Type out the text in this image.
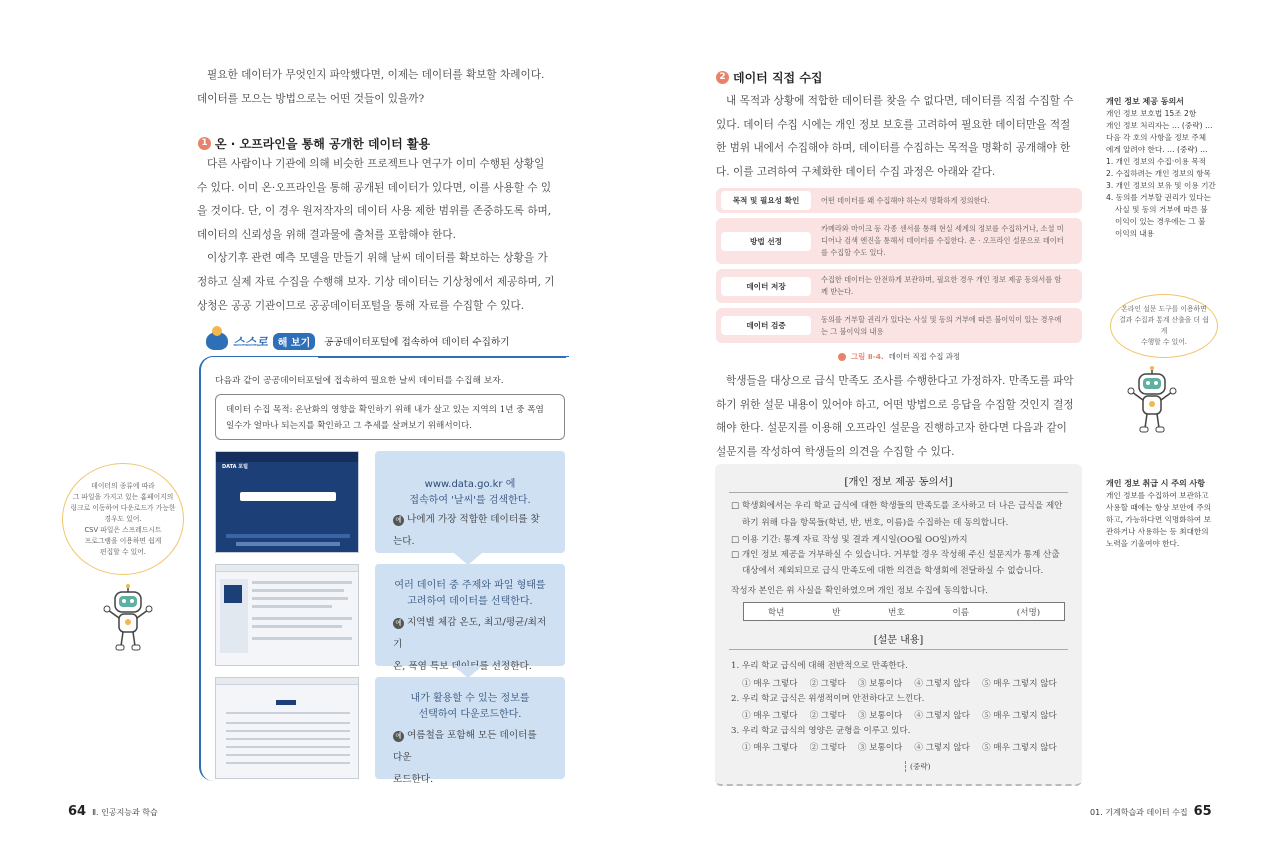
필요한 데이터가 무엇인지 파악했다면, 이제는 데이터를 확보할 차례이다.
데이터를 모으는 방법으로는 어떤 것들이 있을까?
1 온 · 오프라인을 통해 공개한 데이터 활용
다른 사람이나 기관에 의해 비슷한 프로젝트나 연구가 이미 수행된 상황일
수 있다. 이미 온·오프라인을 통해 공개된 데이터가 있다면, 이를 사용할 수 있
을 것이다. 단, 이 경우 원저작자의 데이터 사용 제한 범위를 존중하도록 하며,
데이터의 신뢰성을 위해 결과물에 출처를 포함해야 한다.
이상기후 관련 예측 모델을 만들기 위해 날씨 데이터를 확보하는 상황을 가
정하고 실제 자료 수집을 수행해 보자. 기상 데이터는 기상청에서 제공하며, 기
상청은 공공 기관이므로 공공데이터포털을 통해 자료를 수집할 수 있다.
스스로	해 보기	공공데이터포털에 접속하여 데이터 수집하기
다음과 같이 공공데이터포털에 접속하여 필요한 날씨 데이터를 수집해 보자.
데이터 수집 목적: 온난화의 영향을 확인하기 위해 내가 살고 있는 지역의 1년 중 폭염
일수가 얼마나 되는지를 확인하고 그 추세를 살펴보기 위해서이다.
DATA 포털
www.data.go.kr 에
접속하여 '날씨'를 검색한다.
예 나에게 가장 적합한 데이터를 찾는다.
여러 데이터 중 주제와 파일 형태를
고려하여 데이터를 선택한다.
예 지역별 체감 온도, 최고/평균/최저 기
온, 폭염 특보 데이터를 선정한다.
내가 활용할 수 있는 정보를
선택하여 다운로드한다.
예 여름철을 포함해 모든 데이터를 다운
로드한다.
데이터의 종류에 따라
그 파일을 가지고 있는 홈페이지의
링크로 이동하여 다운로드가 가능한
경우도 있어.
CSV 파일은 스프레드시트
프로그램을 이용하면 쉽게
편집할 수 있어.
64 Ⅱ. 인공지능과 학습
2 데이터 직접 수집
내 목적과 상황에 적합한 데이터를 찾을 수 없다면, 데이터를 직접 수집할 수
있다. 데이터 수집 시에는 개인 정보 보호를 고려하여 필요한 데이터만을 적절
한 범위 내에서 수집해야 하며, 데이터를 수집하는 목적을 명확히 공개해야 한
다. 이를 고려하여 구체화한 데이터 수집 과정은 아래와 같다.
목적 및 필요성 확인	어떤 데이터를 왜 수집해야 하는지 명확하게 정의한다.
방법 선정
카메라와 마이크 등 각종 센서를 통해 현실 세계의 정보를 수집하거나, 소셜 미
디어나 검색 엔진을 통해서 데이터를 수집한다. 온 · 오프라인 설문으로 데이터
를 수집할 수도 있다.
데이터 저장
수집한 데이터는 안전하게 보관하며, 필요한 경우 개인 정보 제공 동의서를 함
께 받는다.
데이터 검증
동의를 거부할 권리가 있다는 사실 및 동의 거부에 따른 불이익이 있는 경우에
는 그 불이익의 내용
그림 Ⅱ-4. 데이터 직접 수집 과정
학생들을 대상으로 급식 만족도 조사를 수행한다고 가정하자. 만족도를 파악
하기 위한 설문 내용이 있어야 하고, 어떤 방법으로 응답을 수집할 것인지 결정
해야 한다. 설문지를 이용해 오프라인 설문을 진행하고자 한다면 다음과 같이
설문지를 작성하여 학생들의 의견을 수집할 수 있다.
[개인 정보 제공 동의서]
□ 학생회에서는 우리 학교 급식에 대한 학생들의 만족도를 조사하고 더 나은 급식을 제안
하기 위해 다음 항목들(학년, 반, 번호, 이름)을 수집하는 데 동의합니다.
□ 이용 기간: 통계 자료 작성 및 결과 게시일(OO월 OO일)까지
□ 개인 정보 제공을 거부하실 수 있습니다. 거부할 경우 작성해 주신 설문지가 통계 산출
대상에서 제외되므로 급식 만족도에 대한 의견을 학생회에 전달하실 수 없습니다.
작성자 본인은 위 사실을 확인하였으며 개인 정보 수집에 동의합니다.
학년	반	번호	이름	(서명)
[설문 내용]
1. 우리 학교 급식에 대해 전반적으로 만족한다.
① 매우 그렇다 ② 그렇다 ③ 보통이다 ④ 그렇지 않다 ⑤ 매우 그렇지 않다
2. 우리 학교 급식은 위생적이며 안전하다고 느낀다.
① 매우 그렇다 ② 그렇다 ③ 보통이다 ④ 그렇지 않다 ⑤ 매우 그렇지 않다
3. 우리 학교 급식의 영양은 균형을 이루고 있다.
① 매우 그렇다 ② 그렇다 ③ 보통이다 ④ 그렇지 않다 ⑤ 매우 그렇지 않다
(중략)
개인 정보 제공 동의서
개인 정보 보호법 15조 2항
개인 정보 처리자는 … (중략) …
다음 각 호의 사항을 정보 주체
에게 알려야 한다. … (중략) …
1. 개인 정보의 수집·이용 목적
2. 수집하려는 개인 정보의 항목
3. 개인 정보의 보유 및 이용 기간
4. 동의를 거부할 권리가 있다는
사실 및 동의 거부에 따른 불
이익이 있는 경우에는 그 불
이익의 내용
온라인 설문 도구를 이용하면
결과 수집과 통계 산출을 더 쉽게
수행할 수 있어.
개인 정보 취급 시 주의 사항
개인 정보를 수집하여 보관하고
사용할 때에는 항상 보안에 주의
하고, 가능하다면 익명화하여 보
관하거나 사용하는 등 최대한의
노력을 기울여야 한다.
01. 기계학습과 데이터 수집 65
